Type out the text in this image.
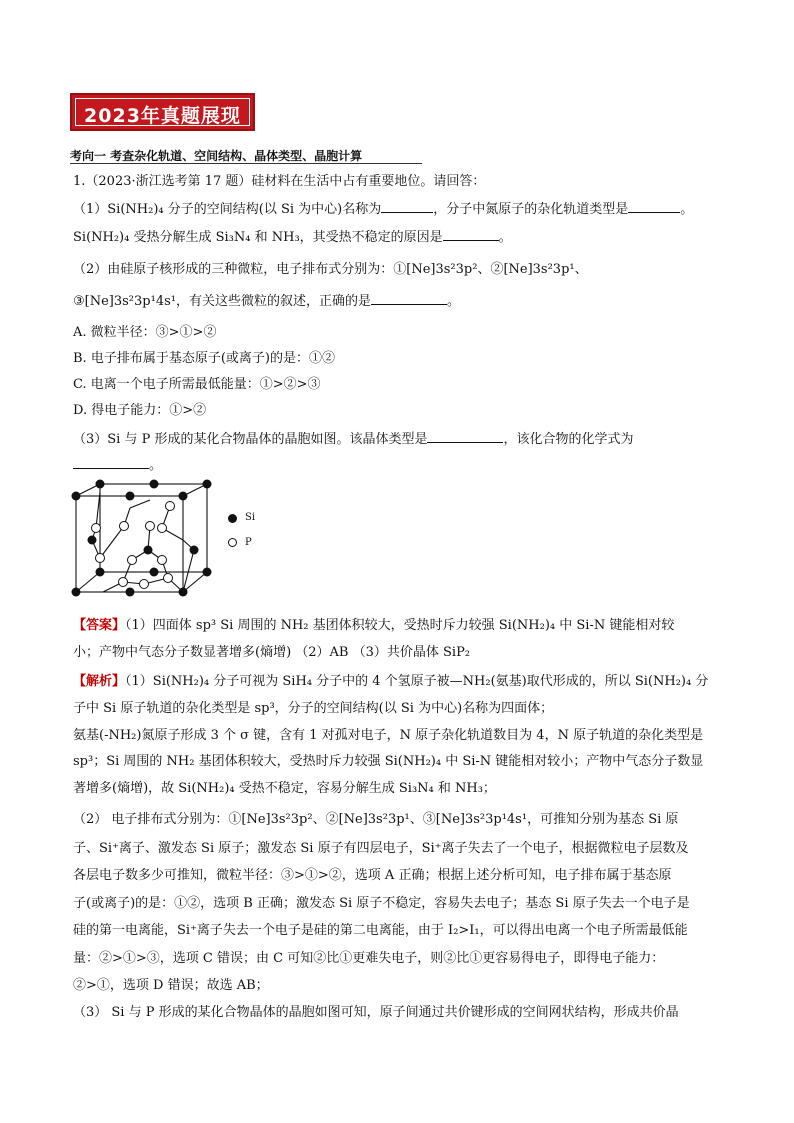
2023年真题展现
考向一 考查杂化轨道、空间结构、晶体类型、晶胞计算
1.（2023·浙江选考第 17 题）硅材料在生活中占有重要地位。请回答：
（1）Si(NH₂)₄ 分子的空间结构(以 Si 为中心)名称为	，分子中氮原子的杂化轨道类型是	。
Si(NH₂)₄ 受热分解生成 Si₃N₄ 和 NH₃，其受热不稳定的原因是	。
（2）由硅原子核形成的三种微粒，电子排布式分别为：①[Ne]3s²3p²、②[Ne]3s²3p¹、
③[Ne]3s²3p¹4s¹，有关这些微粒的叙述，正确的是	。
A. 微粒半径：③>①>②
B. 电子排布属于基态原子(或离子)的是：①②
C. 电离一个电子所需最低能量：①>②>③
D. 得电子能力：①>②
（3）Si 与 P 形成的某化合物晶体的晶胞如图。该晶体类型是	，该化合物的化学式为
。
Si
P
【答案】（1）四面体 sp³ Si 周围的 NH₂ 基团体积较大，受热时斥力较强 Si(NH₂)₄ 中 Si-N 键能相对较
小；产物中气态分子数显著增多(熵增) （2）AB （3）共价晶体 SiP₂
【解析】（1）Si(NH₂)₄ 分子可视为 SiH₄ 分子中的 4 个氢原子被—NH₂(氨基)取代形成的，所以 Si(NH₂)₄ 分
子中 Si 原子轨道的杂化类型是 sp³，分子的空间结构(以 Si 为中心)名称为四面体；
氨基(-NH₂)氮原子形成 3 个 σ 键，含有 1 对孤对电子，N 原子杂化轨道数目为 4，N 原子轨道的杂化类型是
sp³；Si 周围的 NH₂ 基团体积较大，受热时斥力较强 Si(NH₂)₄ 中 Si-N 键能相对较小；产物中气态分子数显
著增多(熵增)，故 Si(NH₂)₄ 受热不稳定，容易分解生成 Si₃N₄ 和 NH₃；
（2） 电子排布式分别为：①[Ne]3s²3p²、②[Ne]3s²3p¹、③[Ne]3s²3p¹4s¹，可推知分别为基态 Si 原
子、Si⁺离子、激发态 Si 原子；激发态 Si 原子有四层电子，Si⁺离子失去了一个电子，根据微粒电子层数及
各层电子数多少可推知，微粒半径：③>①>②，选项 A 正确；根据上述分析可知，电子排布属于基态原
子(或离子)的是：①②，选项 B 正确；激发态 Si 原子不稳定，容易失去电子；基态 Si 原子失去一个电子是
硅的第一电离能，Si⁺离子失去一个电子是硅的第二电离能，由于 I₂>I₁，可以得出电离一个电子所需最低能
量：②>①>③，选项 C 错误；由 C 可知②比①更难失电子，则②比①更容易得电子，即得电子能力：
②>①，选项 D 错误；故选 AB；
（3） Si 与 P 形成的某化合物晶体的晶胞如图可知，原子间通过共价键形成的空间网状结构，形成共价晶
